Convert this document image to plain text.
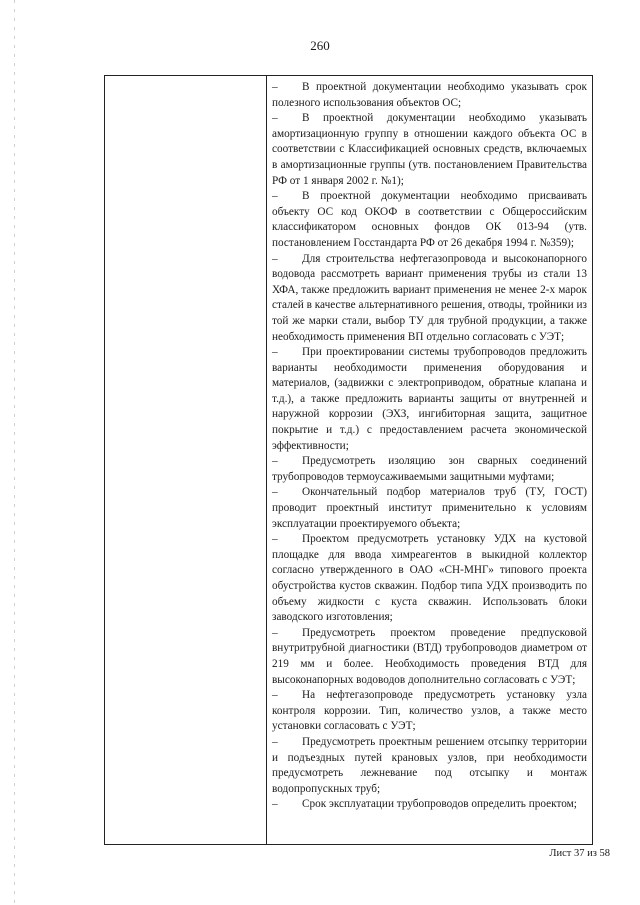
260

– В проектной документации необходимо указывать срок полезного использования объектов ОС;

– В проектной документации необходимо указывать амортизационную группу в отношении каждого объекта ОС в соответствии с Классификацией основных средств, включаемых в амортизационные группы (утв. постановлением Правительства РФ от 1 января 2002 г. №1);

– В проектной документации необходимо присваивать объекту ОС код ОКОФ в соответствии с Общероссийским классификатором основных фондов ОК 013-94 (утв. постановлением Госстандарта РФ от 26 декабря 1994 г. №359);

– Для строительства нефтегазопровода и высоконапорного водовода рассмотреть вариант применения трубы из стали 13 ХФА, также предложить вариант применения не менее 2-х марок сталей в качестве альтернативного решения, отводы, тройники из той же марки стали, выбор ТУ для трубной продукции, а также необходимость применения ВП отдельно согласовать с УЭТ;

– При проектировании системы трубопроводов предложить варианты необходимости применения оборудования и материалов, (задвижки с электроприводом, обратные клапана и т.д.), а также предложить варианты защиты от внутренней и наружной коррозии (ЭХЗ, ингибиторная защита, защитное покрытие и т.д.) с предоставлением расчета экономической эффективности;

– Предусмотреть изоляцию зон сварных соединений трубопроводов термоусаживаемыми защитными муфтами;

– Окончательный подбор материалов труб (ТУ, ГОСТ) проводит проектный институт применительно к условиям эксплуатации проектируемого объекта;

– Проектом предусмотреть установку УДХ на кустовой площадке для ввода химреагентов в выкидной коллектор согласно утвержденного в ОАО «СН-МНГ» типового проекта обустройства кустов скважин. Подбор типа УДХ производить по объему жидкости с куста скважин. Использовать блоки заводского изготовления;

– Предусмотреть проектом проведение предпусковой внутритрубной диагностики (ВТД) трубопроводов диаметром от 219 мм и более. Необходимость проведения ВТД для высоконапорных водоводов дополнительно согласовать с УЭТ;

– На нефтегазопроводе предусмотреть установку узла контроля коррозии. Тип, количество узлов, а также место установки согласовать с УЭТ;

– Предусмотреть проектным решением отсыпку территории и подъездных путей крановых узлов, при необходимости предусмотреть лежневание под отсыпку и монтаж водопропускных труб;

– Срок эксплуатации трубопроводов определить проектом;

Лист 37 из 58
